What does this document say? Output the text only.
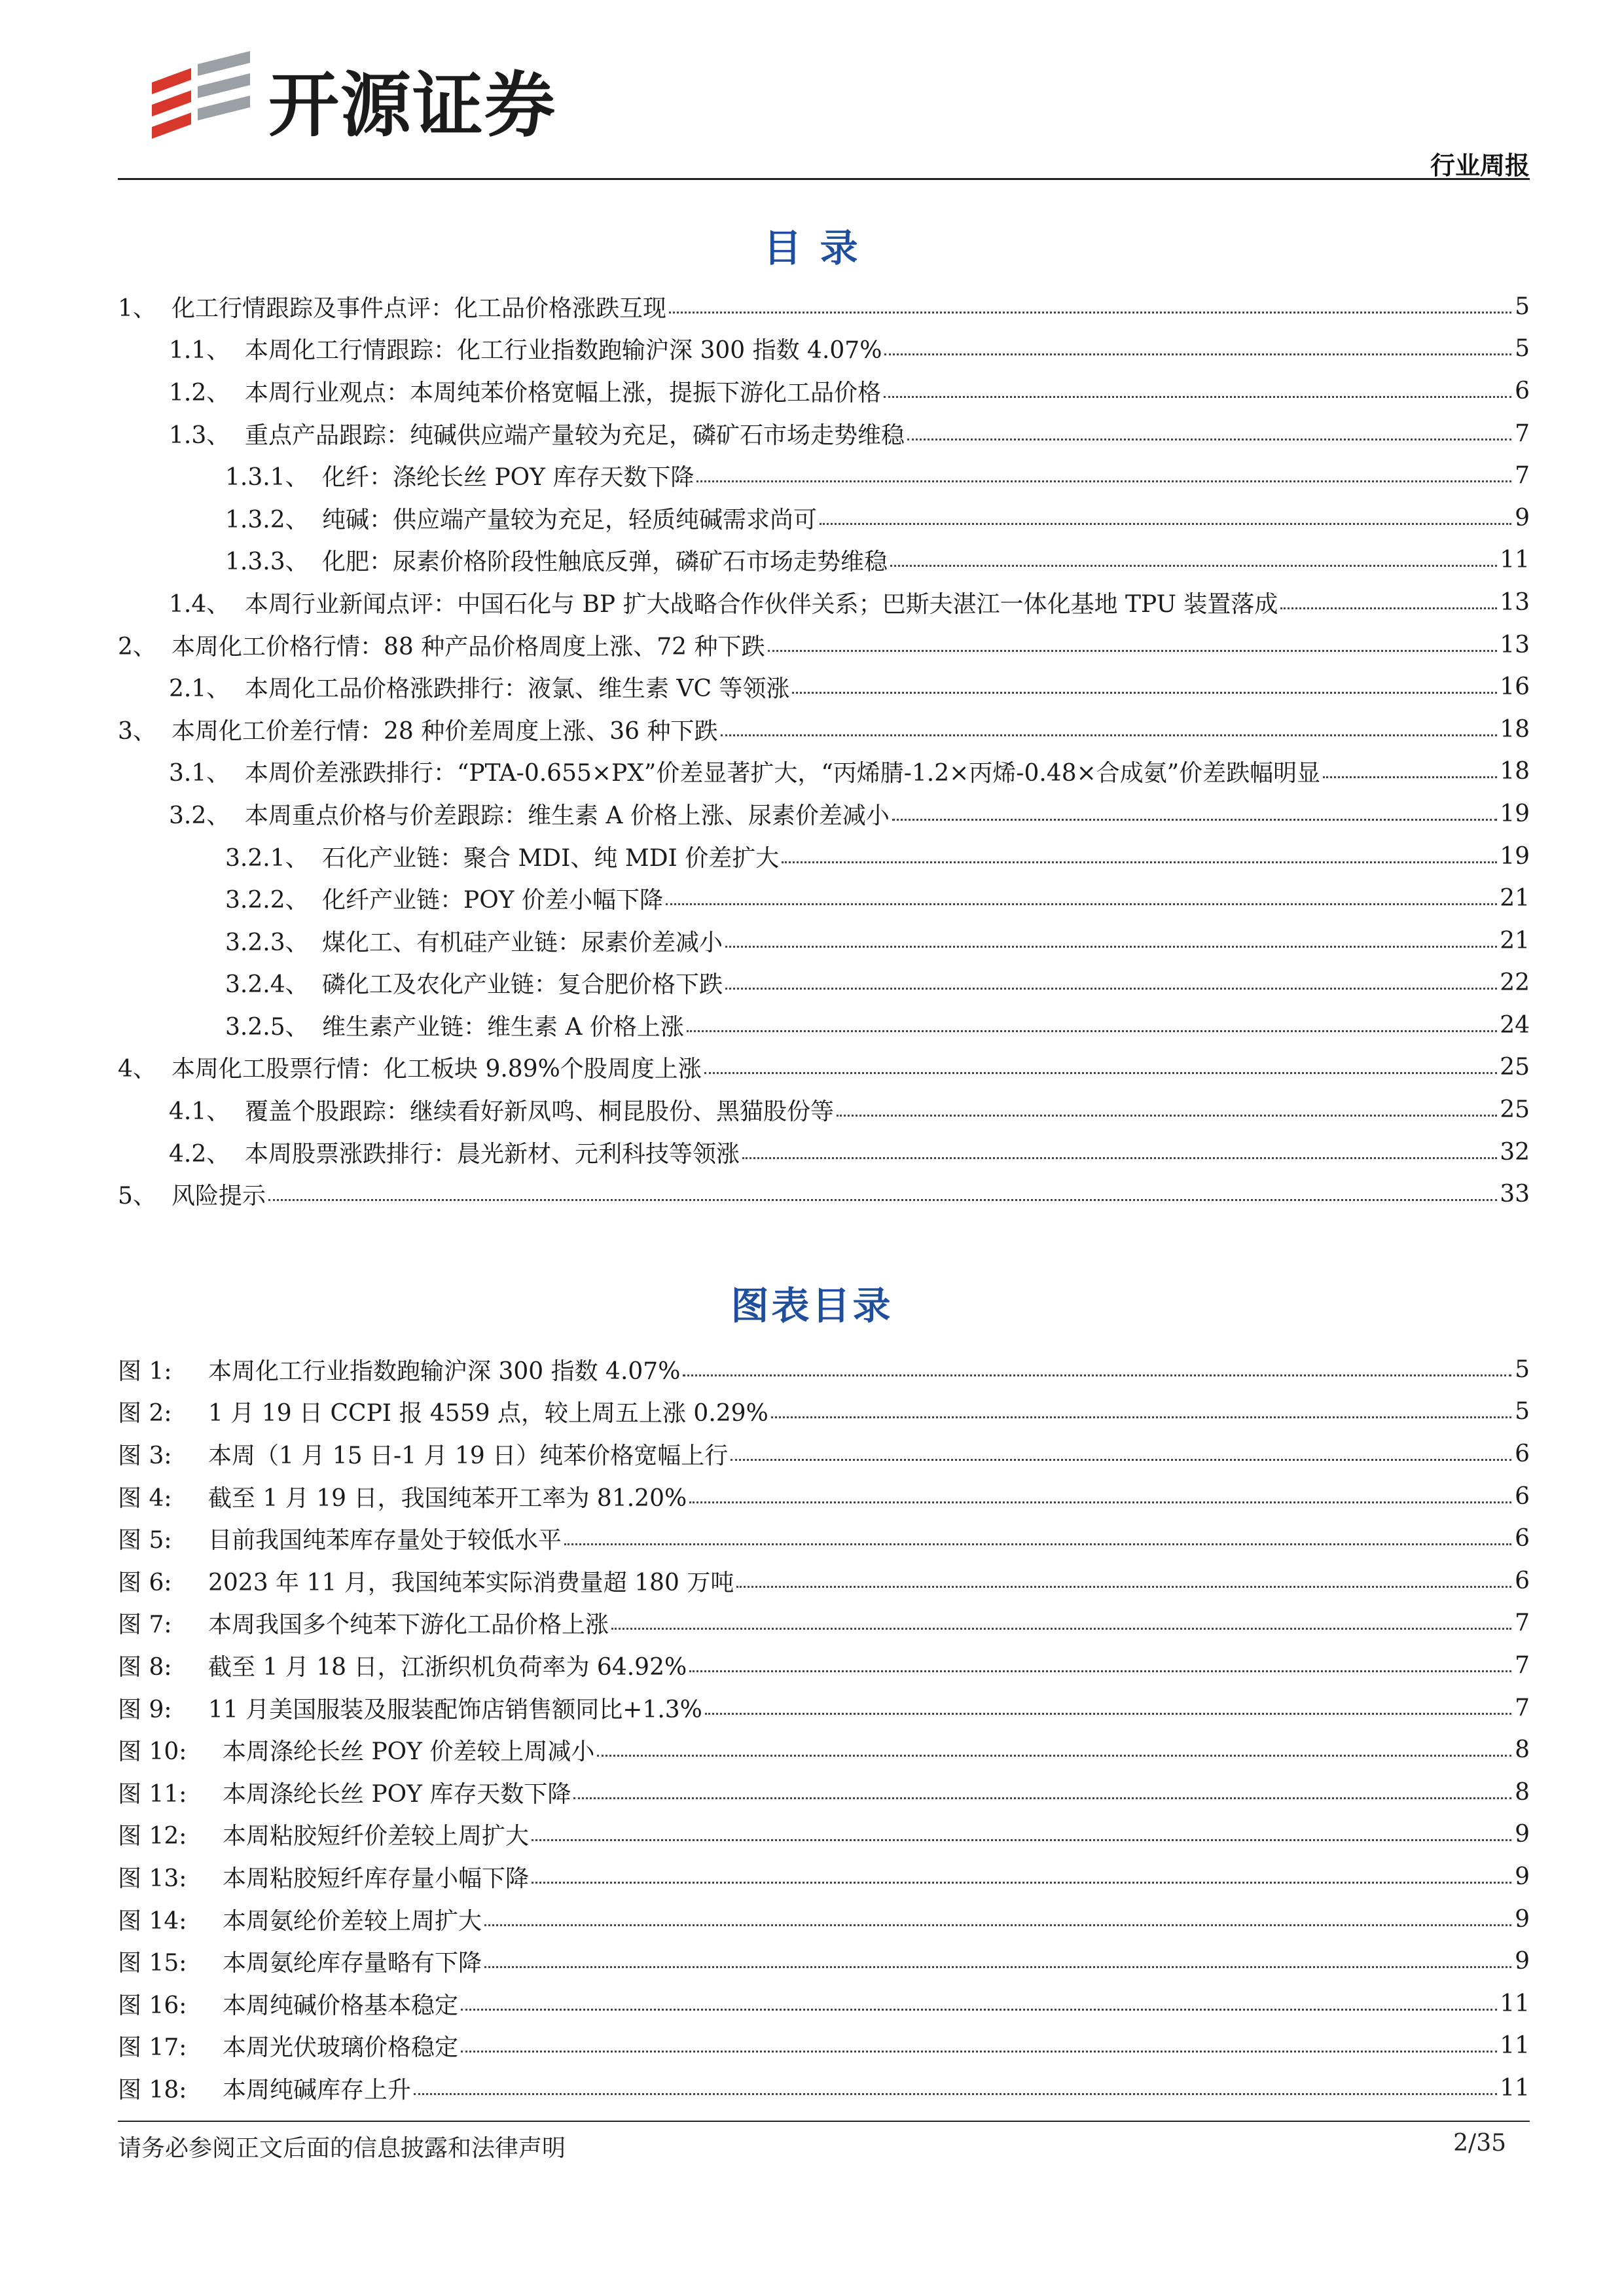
开源证券
行业周报
目 录
1、 化工行情跟踪及事件点评：化工品价格涨跌互现	5
1.1、 本周化工行情跟踪：化工行业指数跑输沪深 300 指数 4.07%	5
1.2、 本周行业观点：本周纯苯价格宽幅上涨，提振下游化工品价格	6
1.3、 重点产品跟踪：纯碱供应端产量较为充足，磷矿石市场走势维稳	7
1.3.1、 化纤：涤纶长丝 POY 库存天数下降	7
1.3.2、 纯碱：供应端产量较为充足，轻质纯碱需求尚可	9
1.3.3、 化肥：尿素价格阶段性触底反弹，磷矿石市场走势维稳	11
1.4、 本周行业新闻点评：中国石化与 BP 扩大战略合作伙伴关系；巴斯夫湛江一体化基地 TPU 装置落成	13
2、 本周化工价格行情：88 种产品价格周度上涨、72 种下跌	13
2.1、 本周化工品价格涨跌排行：液氯、维生素 VC 等领涨	16
3、 本周化工价差行情：28 种价差周度上涨、36 种下跌	18
3.1、 本周价差涨跌排行：“PTA-0.655×PX”价差显著扩大，“丙烯腈-1.2×丙烯-0.48×合成氨”价差跌幅明显	18
3.2、 本周重点价格与价差跟踪：维生素 A 价格上涨、尿素价差减小	19
3.2.1、 石化产业链：聚合 MDI、纯 MDI 价差扩大	19
3.2.2、 化纤产业链：POY 价差小幅下降	21
3.2.3、 煤化工、有机硅产业链：尿素价差减小	21
3.2.4、 磷化工及农化产业链：复合肥价格下跌	22
3.2.5、 维生素产业链：维生素 A 价格上涨	24
4、 本周化工股票行情：化工板块 9.89%个股周度上涨	25
4.1、 覆盖个股跟踪：继续看好新凤鸣、桐昆股份、黑猫股份等	25
4.2、 本周股票涨跌排行：晨光新材、元利科技等领涨	32
5、 风险提示	33
图表目录
图 1:	本周化工行业指数跑输沪深 300 指数 4.07%	5
图 2:	1 月 19 日 CCPI 报 4559 点，较上周五上涨 0.29%	5
图 3:	本周（1 月 15 日-1 月 19 日）纯苯价格宽幅上行	6
图 4:	截至 1 月 19 日，我国纯苯开工率为 81.20%	6
图 5:	目前我国纯苯库存量处于较低水平	6
图 6:	2023 年 11 月，我国纯苯实际消费量超 180 万吨	6
图 7:	本周我国多个纯苯下游化工品价格上涨	7
图 8:	截至 1 月 18 日，江浙织机负荷率为 64.92%	7
图 9:	11 月美国服装及服装配饰店销售额同比+1.3%	7
图 10:	本周涤纶长丝 POY 价差较上周减小	8
图 11:	本周涤纶长丝 POY 库存天数下降	8
图 12:	本周粘胶短纤价差较上周扩大	9
图 13:	本周粘胶短纤库存量小幅下降	9
图 14:	本周氨纶价差较上周扩大	9
图 15:	本周氨纶库存量略有下降	9
图 16:	本周纯碱价格基本稳定	11
图 17:	本周光伏玻璃价格稳定	11
图 18:	本周纯碱库存上升	11
请务必参阅正文后面的信息披露和法律声明	2/35
